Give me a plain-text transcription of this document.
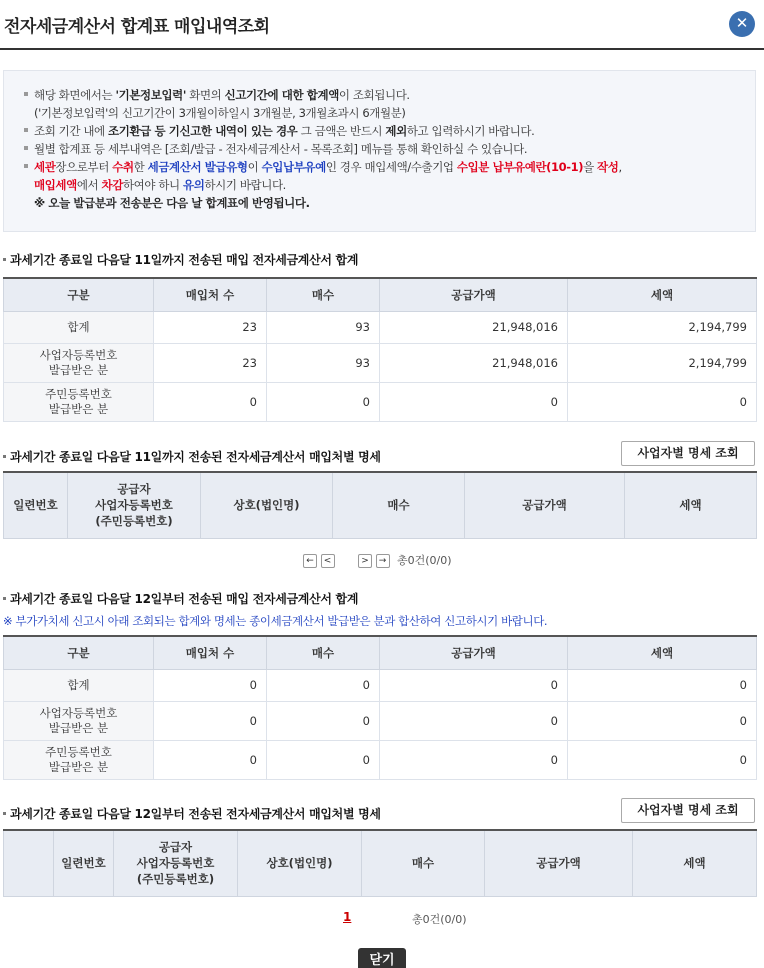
전자세금계산서 합계표 매입내역조회	✕
해당 화면에서는 '기본정보입력' 화면의 신고기간에 대한 합계액이 조회됩니다.
('기본정보입력'의 신고기간이 3개월이하일시 3개월분, 3개월초과시 6개월분)
조회 기간 내에 조기환급 등 기신고한 내역이 있는 경우 그 금액은 반드시 제외하고 입력하시기 바랍니다.
월별 합계표 등 세부내역은 [조회/발급 - 전자세금계산서 - 목록조회] 메뉴를 통해 확인하실 수 있습니다.
세관장으로부터 수취한 세금계산서 발급유형이 수입납부유예인 경우 매입세액/수출기업 수입분 납부유예란(10-1)을 작성,
매입세액에서 차감하여야 하니 유의하시기 바랍니다.
※ 오늘 발급분과 전송분은 다음 날 합계표에 반영됩니다.
과세기간 종료일 다음달 11일까지 전송된 매입 전자세금계산서 합계
구분	매입처 수	매수	공급가액	세액
합계	23	93	21,948,016	2,194,799
사업자등록번호
발급받은 분	23	93	21,948,016	2,194,799
주민등록번호
발급받은 분	0	0	0	0
과세기간 종료일 다음달 11일까지 전송된 전자세금계산서 매입처별 명세	사업자별 명세 조회
일련번호	공급자
사업자등록번호
(주민등록번호)	상호(법인명)	매수	공급가액	세액
← <	> → 총0건(0/0)
과세기간 종료일 다음달 12일부터 전송된 매입 전자세금계산서 합계
※ 부가가치세 신고시 아래 조회되는 합계와 명세는 종이세금계산서 발급받은 분과 합산하여 신고하시기 바랍니다.
구분	매입처 수	매수	공급가액	세액
합계	0	0	0	0
사업자등록번호
발급받은 분	0	0	0	0
주민등록번호
발급받은 분	0	0	0	0
과세기간 종료일 다음달 12일부터 전송된 전자세금계산서 매입처별 명세	사업자별 명세 조회
	일련번호	공급자
사업자등록번호
(주민등록번호)	상호(법인명)	매수	공급가액	세액
1	총0건(0/0)
닫기
